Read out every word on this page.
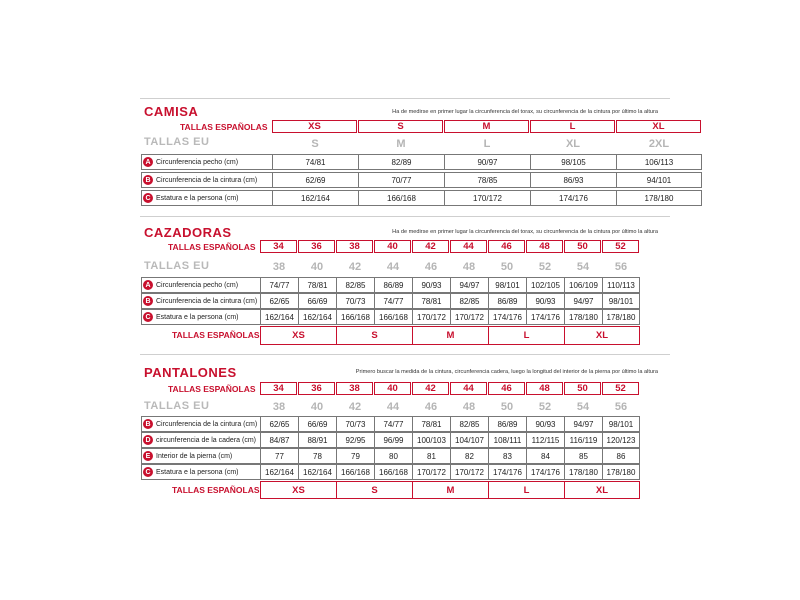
CAMISA	Ha de medirse en primer lugar la circunferencia del torax, su circunferencia de la cintura por último la altura
TALLAS ESPAÑOLAS	XS	S	M	L	XL
TALLAS EU	S	M	L	XL	2XL
A Circunferencia pecho (cm)	74/81	82/89	90/97	98/105	106/113
B Circunferencia de la cintura (cm)	62/69	70/77	78/85	86/93	94/101
C Estatura e la persona (cm)	162/164	166/168	170/172	174/176	178/180
CAZADORAS	Ha de medirse en primer lugar la circunferencia del torax, su circunferencia de la cintura por último la altura
TALLAS ESPAÑOLAS	34	36	38	40	42	44	46	48	50	52
TALLAS EU	38	40	42	44	46	48	50	52	54	56
A Circunferencia pecho (cm)	74/77	78/81	82/85	86/89	90/93	94/97	98/101	102/105	106/109	110/113
B Circunferencia de la cintura (cm)	62/65	66/69	70/73	74/77	78/81	82/85	86/89	90/93	94/97	98/101
C Estatura e la persona (cm)	162/164	162/164	166/168	166/168	170/172	170/172	174/176	174/176	178/180	178/180
TALLAS ESPAÑOLAS	XS	S	M	L	XL
PANTALONES	Primero buscar la medida de la cintura, circunferencia cadera, luego la longitud del interior de la pierna por último la altura
TALLAS ESPAÑOLAS	34	36	38	40	42	44	46	48	50	52
TALLAS EU	38	40	42	44	46	48	50	52	54	56
B Circunferencia de la cintura (cm)	62/65	66/69	70/73	74/77	78/81	82/85	86/89	90/93	94/97	98/101
D circunferencia de la cadera (cm)	84/87	88/91	92/95	96/99	100/103	104/107	108/111	112/115	116/119	120/123
E Interior de la pierna (cm)	77	78	79	80	81	82	83	84	85	86
C Estatura e la persona (cm)	162/164	162/164	166/168	166/168	170/172	170/172	174/176	174/176	178/180	178/180
TALLAS ESPAÑOLAS	XS	S	M	L	XL
